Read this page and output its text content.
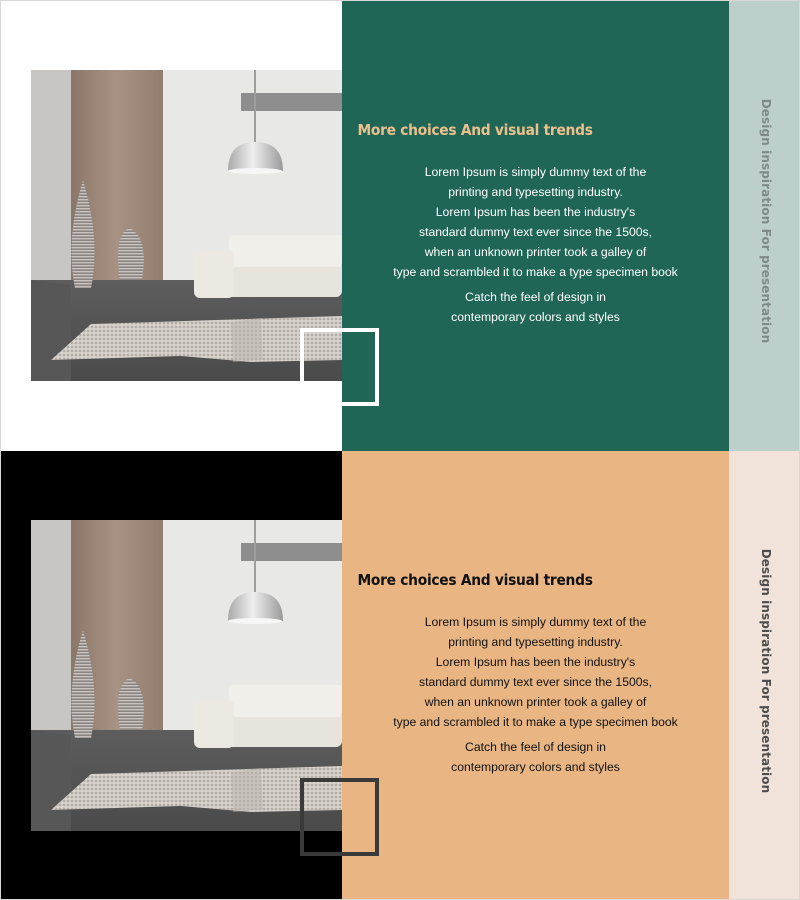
More choices And visual trends
Lorem Ipsum is simply dummy text of the
printing and typesetting industry.
Lorem Ipsum has been the industry's
standard dummy text ever since the 1500s,
when an unknown printer took a galley of
type and scrambled it to make a type specimen book
Catch the feel of design in
contemporary colors and styles	Design inspiration For presentation
More choices And visual trends
Lorem Ipsum is simply dummy text of the
printing and typesetting industry.
Lorem Ipsum has been the industry's
standard dummy text ever since the 1500s,
when an unknown printer took a galley of
type and scrambled it to make a type specimen book
Catch the feel of design in
contemporary colors and styles	Design inspiration For presentation
